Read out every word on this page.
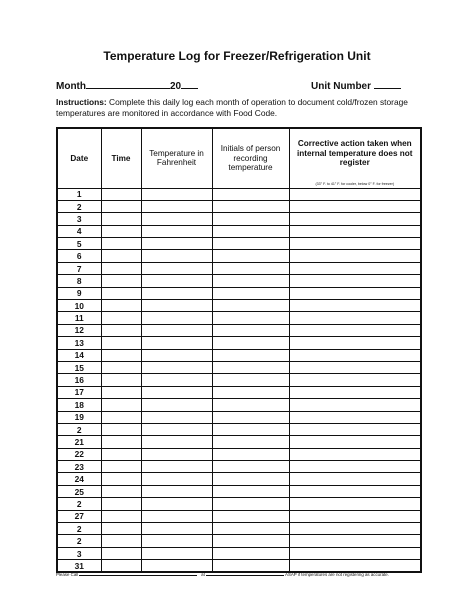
Temperature Log for Freezer/Refrigeration Unit
Month	20	Unit Number
Instructions: Complete this daily log each month of operation to document cold/frozen storage temperatures are monitored in accordance with Food Code.
Date	Time	Temperature in Fahrenheit	Initials of person recording temperature	Corrective action taken when internal temperature does not register
(33° F. to 41° F. for cooler, below 0° F. for freezer)

1				
2				
3				
4				
5				
6				
7				
8				
9				
10				
11				
12				
13				
14				
15				
16				
17				
18				
19				
2				
21				
22				
23				
24				
25				
2				
27				
2				
2				
3				
31				
Please Call	at	ASAP if temperatures are not registering as accurate.
